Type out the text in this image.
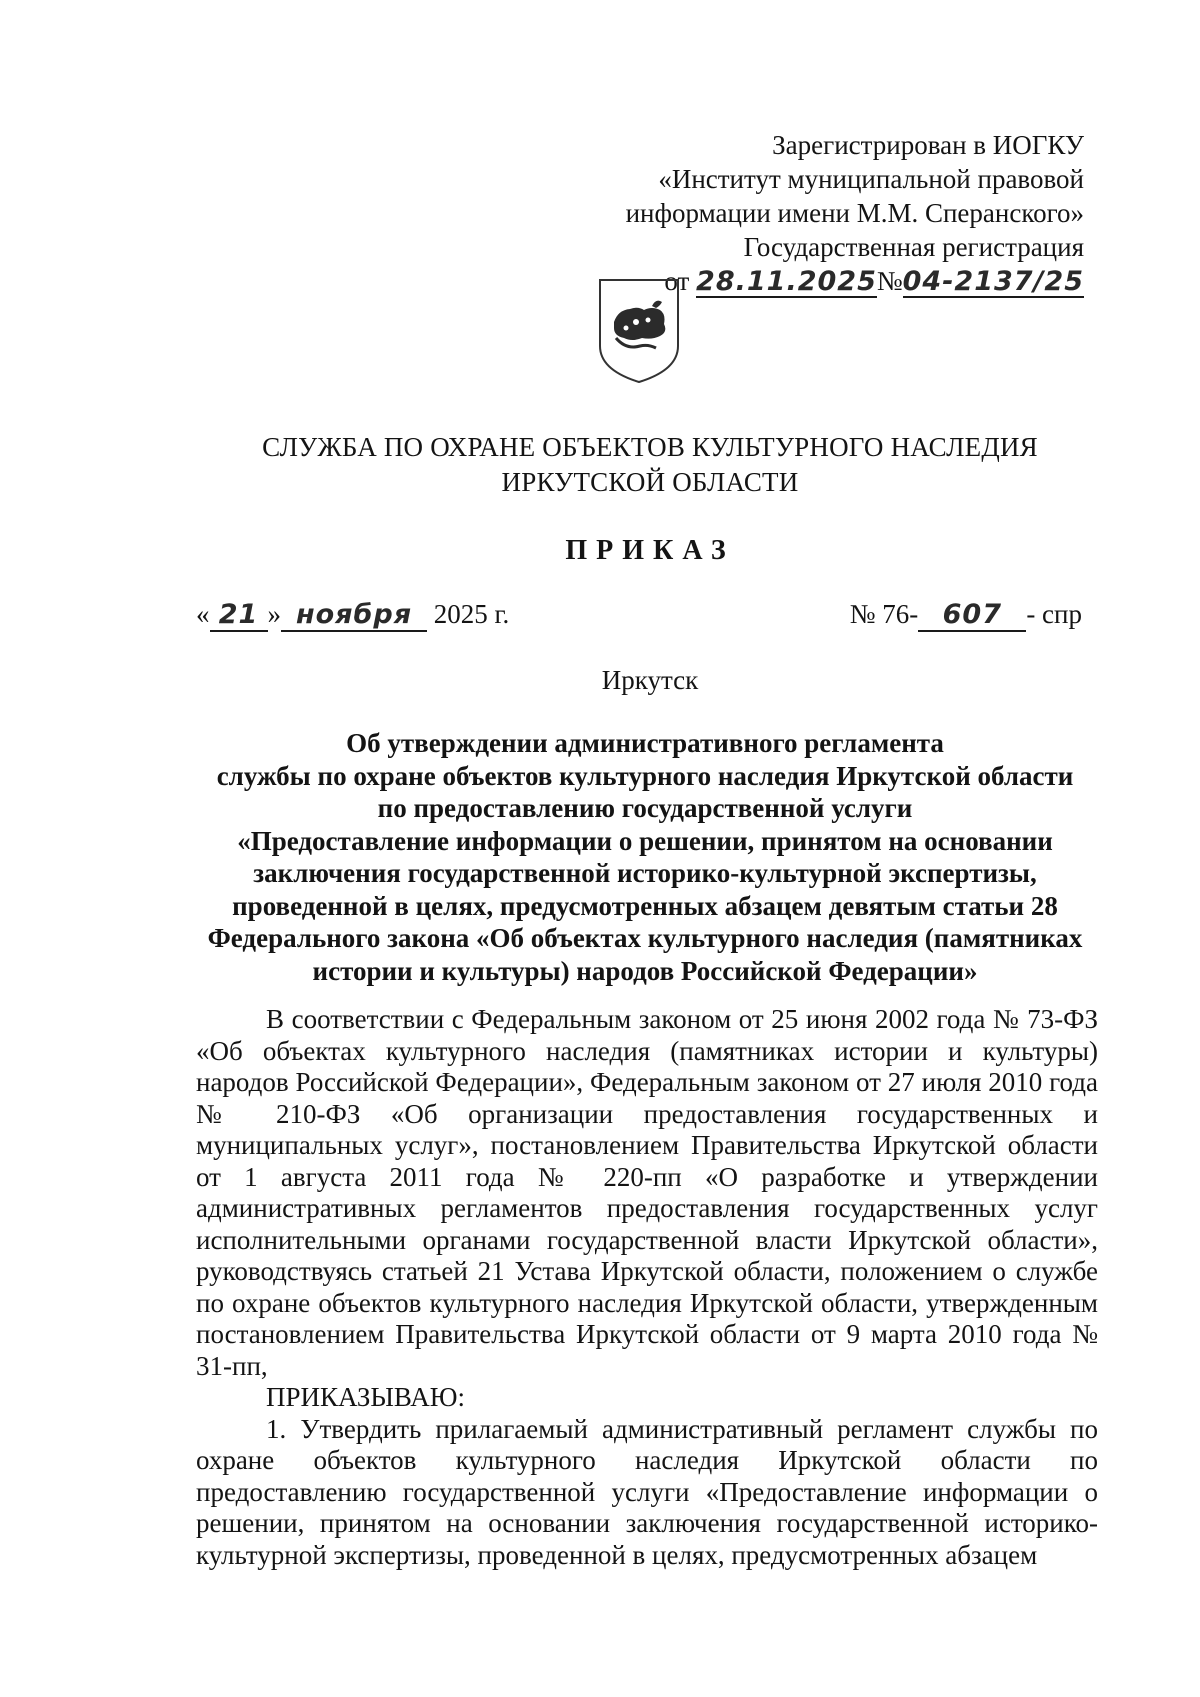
Зарегистрирован в ИОГКУ
«Институт муниципальной правовой
информации имени М.М. Сперанского»
Государственная регистрация
от 28.11.2025№04-2137/25
СЛУЖБА ПО ОХРАНЕ ОБЪЕКТОВ КУЛЬТУРНОГО НАСЛЕДИЯ
ИРКУТСКОЙ ОБЛАСТИ
ПРИКАЗ
« 21 » ноября 2025 г.	№ 76- 607 - спр
Иркутск
Об утверждении административного регламента
службы по охране объектов культурного наследия Иркутской области
по предоставлению государственной услуги
«Предоставление информации о решении, принятом на основании
заключения государственной историко-культурной экспертизы,
проведенной в целях, предусмотренных абзацем девятым статьи 28
Федерального закона «Об объектах культурного наследия (памятниках
истории и культуры) народов Российской Федерации»

В соответствии с Федеральным законом от 25 июня 2002 года № 73-ФЗ «Об объектах культурного наследия (памятниках истории и культуры) народов Российской Федерации», Федеральным законом от 27 июля 2010 года № 210-ФЗ «Об организации предоставления государственных и муниципальных услуг», постановлением Правительства Иркутской области от 1 августа 2011 года № 220-пп «О разработке и утверждении административных регламентов предоставления государственных услуг исполнительными органами государственной власти Иркутской области», руководствуясь статьей 21 Устава Иркутской области, положением о службе по охране объектов культурного наследия Иркутской области, утвержденным постановлением Правительства Иркутской области от 9 марта 2010 года № 31-пп,

ПРИКАЗЫВАЮ:

1. Утвердить прилагаемый административный регламент службы по охране объектов культурного наследия Иркутской области по предоставлению государственной услуги «Предоставление информации о решении, принятом на основании заключения государственной историко-культурной экспертизы, проведенной в целях, предусмотренных абзацем
